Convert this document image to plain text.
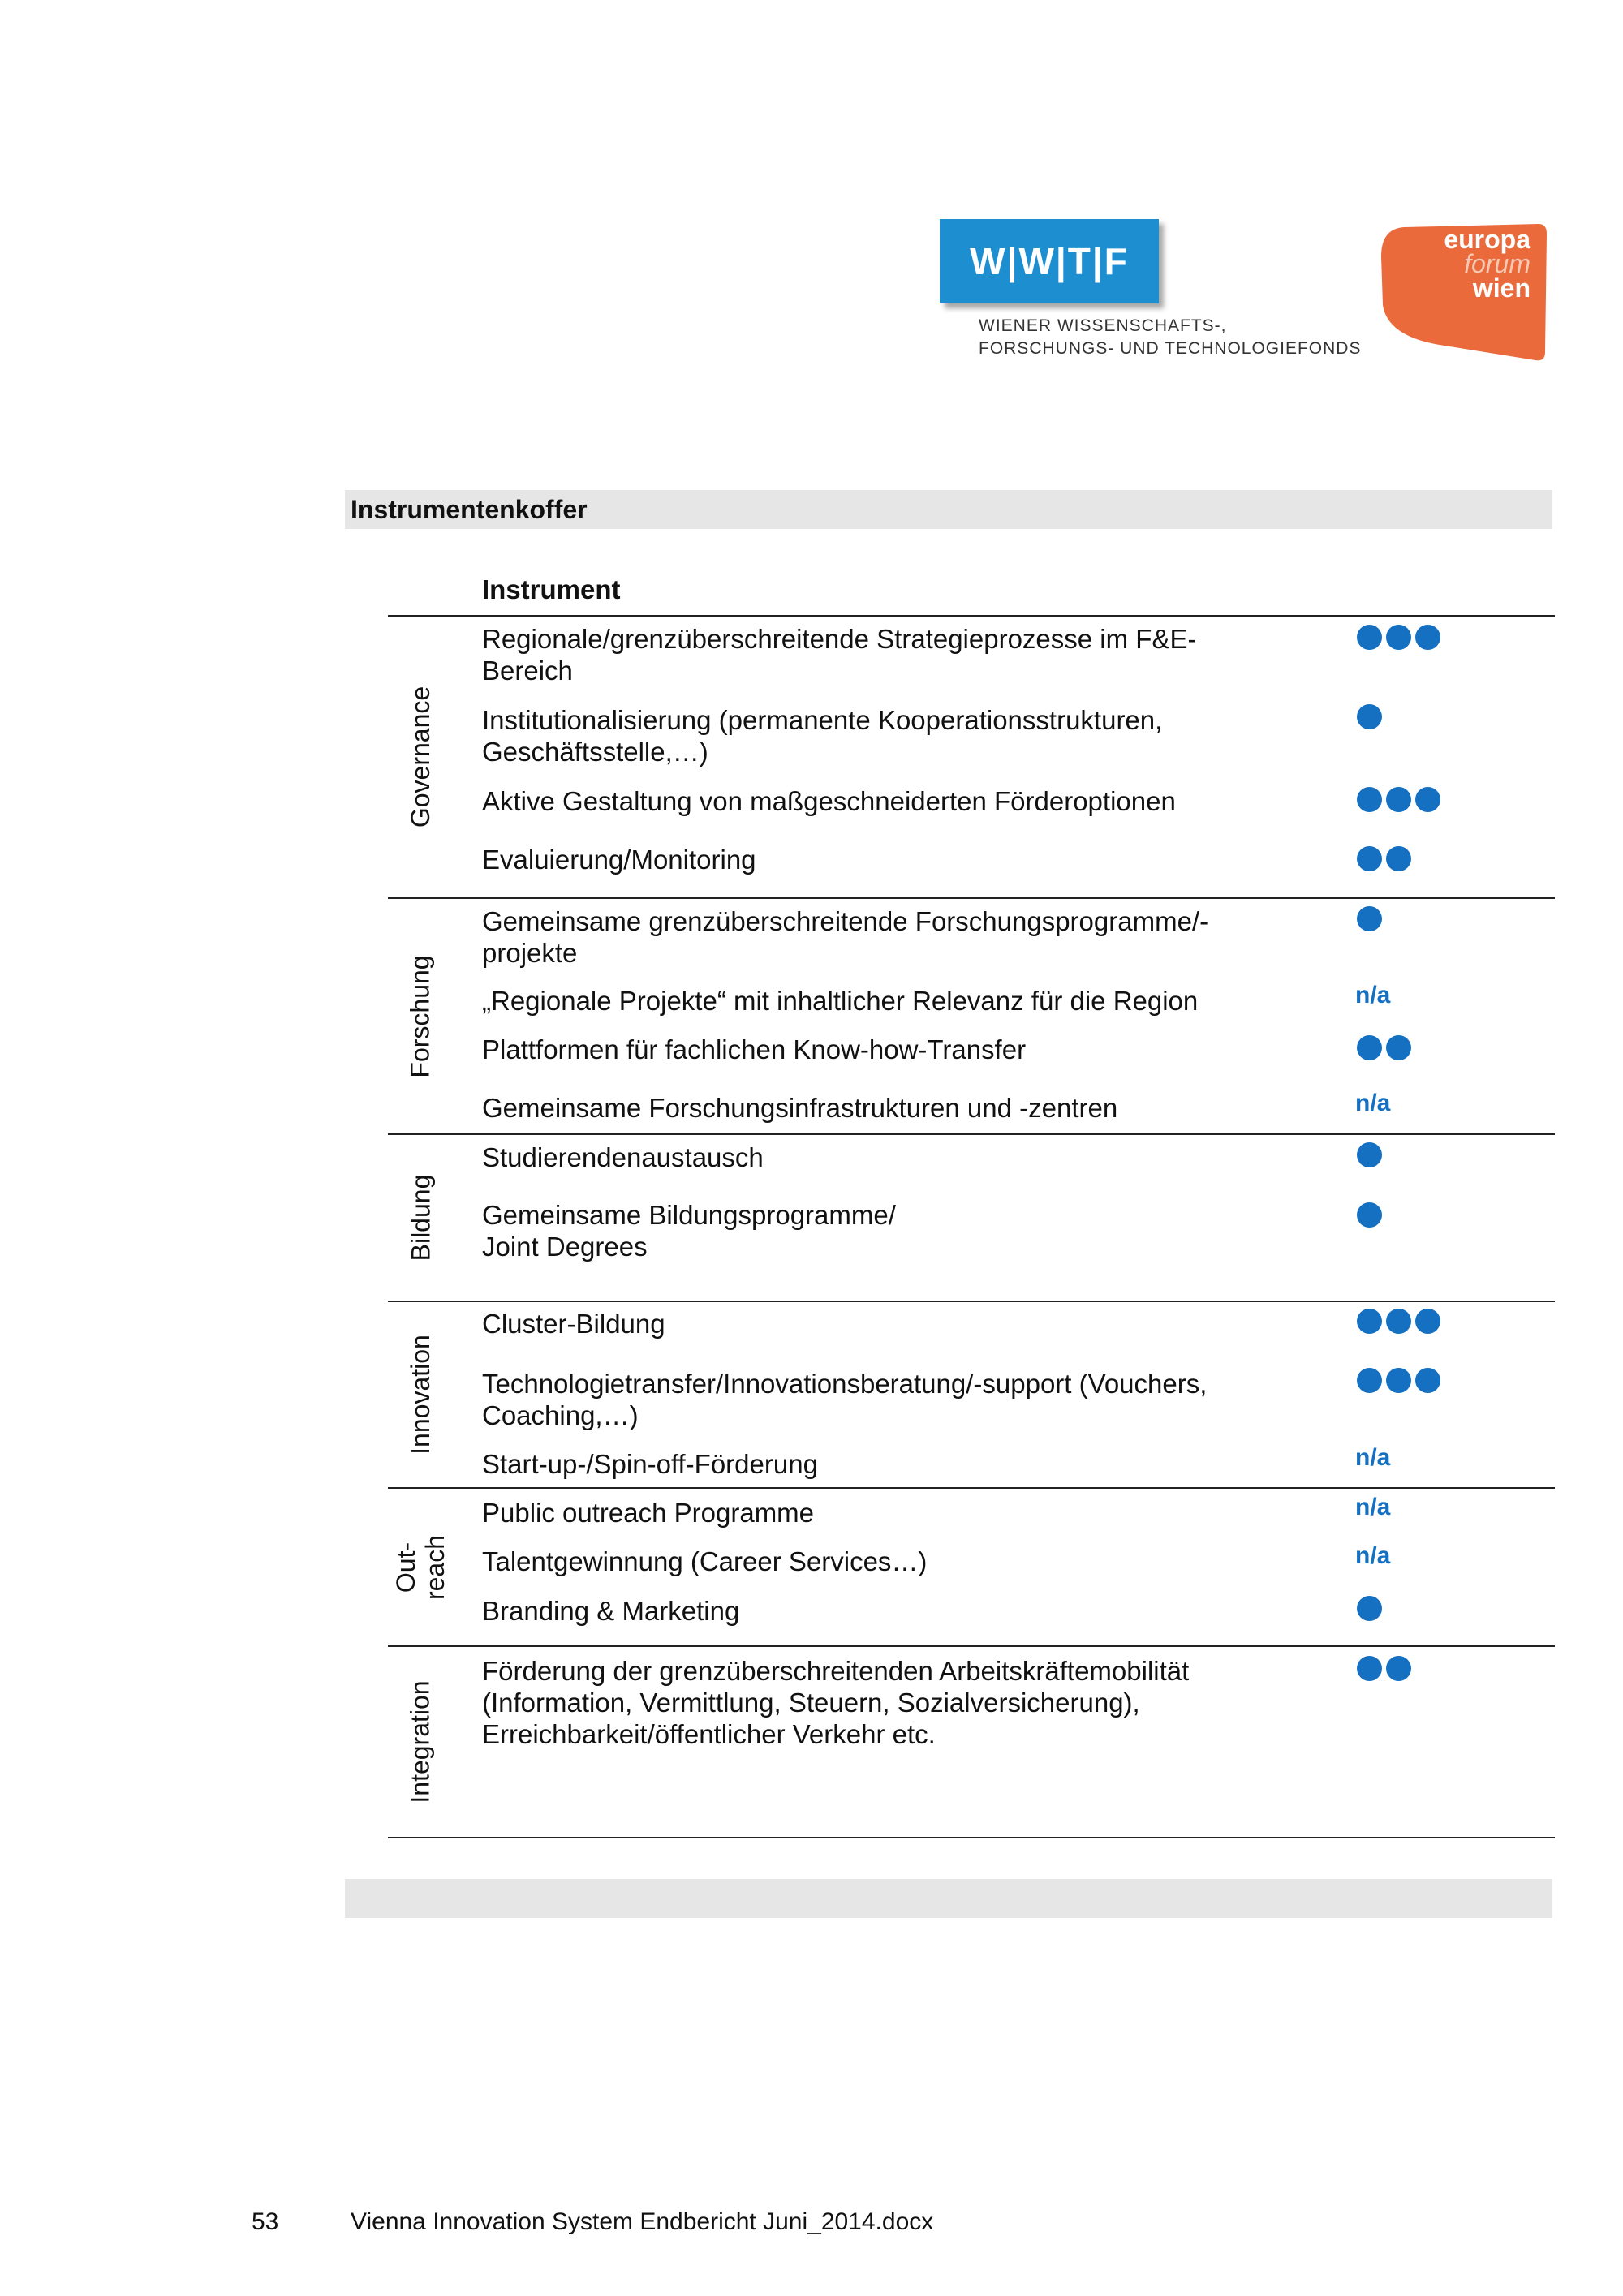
W|W|T|F
WIENER WISSENSCHAFTS-,
FORSCHUNGS- UND TECHNOLOGIEFONDS
europa
forum
wien
Instrumentenkoffer
Instrument
Governance
Forschung
Bildung
Innovation
Out-
reach
Integration
Regionale/grenzüberschreitende Strategieprozesse im F&E-
Bereich
Institutionalisierung (permanente Kooperationsstrukturen,
Geschäftsstelle,…)
Aktive Gestaltung von maßgeschneiderten Förderoptionen
Evaluierung/Monitoring
Gemeinsame grenzüberschreitende Forschungsprogramme/-
projekte
„Regionale Projekte“ mit inhaltlicher Relevanz für die Region
Plattformen für fachlichen Know-how-Transfer
Gemeinsame Forschungsinfrastrukturen und -zentren
Studierendenaustausch
Gemeinsame Bildungsprogramme/
Joint Degrees
Cluster-Bildung
Technologietransfer/Innovationsberatung/-support (Vouchers,
Coaching,…)
Start-up-/Spin-off-Förderung
Public outreach Programme
Talentgewinnung (Career Services…)
Branding & Marketing
Förderung der grenzüberschreitenden Arbeitskräftemobilität
(Information, Vermittlung, Steuern, Sozialversicherung),
Erreichbarkeit/öffentlicher Verkehr etc.
n/a
n/a
n/a
n/a
n/a
53	Vienna Innovation System Endbericht Juni_2014.docx
